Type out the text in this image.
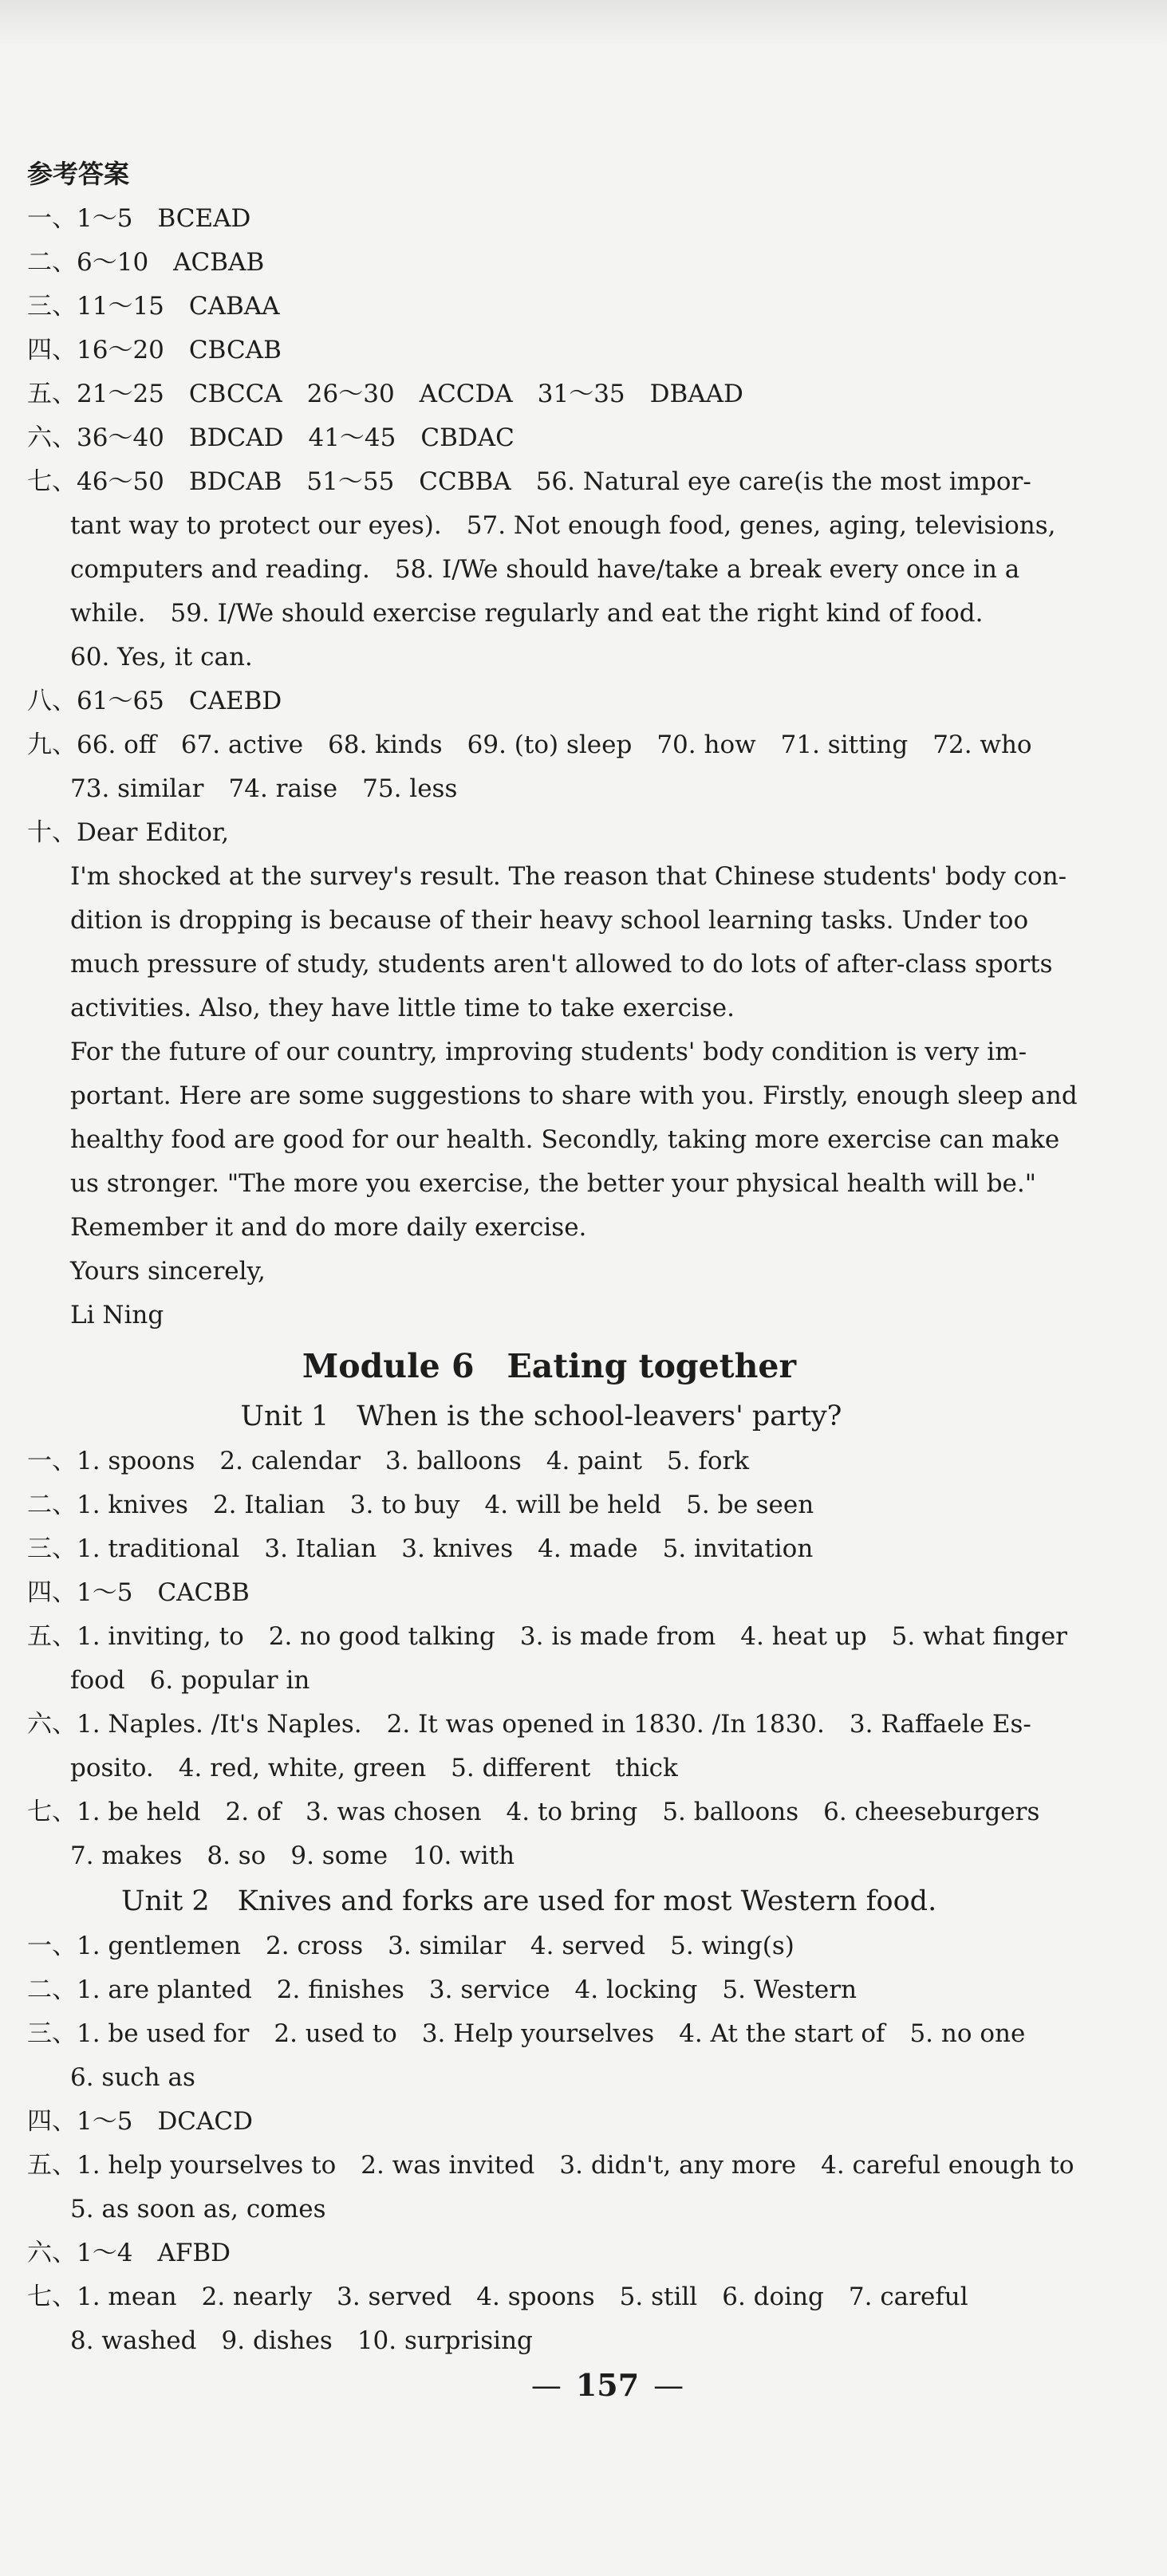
参考答案
一、1～5　BCEAD
二、6～10　ACBAB
三、11～15　CABAA
四、16～20　CBCAB
五、21～25　CBCCA　26～30　ACCDA　31～35　DBAAD
六、36～40　BDCAD　41～45　CBDAC
七、46～50　BDCAB　51～55　CCBBA　56. Natural eye care(is the most impor-
tant way to protect our eyes).　57. Not enough food, genes, aging, televisions,
computers and reading.　58. I/We should have/take a break every once in a
while.　59. I/We should exercise regularly and eat the right kind of food.
60. Yes, it can.
八、61～65　CAEBD
九、66. off　67. active　68. kinds　69. (to) sleep　70. how　71. sitting　72. who
73. similar　74. raise　75. less
十、Dear Editor,
I'm shocked at the survey's result. The reason that Chinese students' body con-
dition is dropping is because of their heavy school learning tasks. Under too
much pressure of study, students aren't allowed to do lots of after-class sports
activities. Also, they have little time to take exercise.
For the future of our country, improving students' body condition is very im-
portant. Here are some suggestions to share with you. Firstly, enough sleep and
healthy food are good for our health. Secondly, taking more exercise can make
us stronger. "The more you exercise, the better your physical health will be."
Remember it and do more daily exercise.
Yours sincerely,
Li Ning
Module 6　Eating together
Unit 1　When is the school-leavers' party?
一、1. spoons　2. calendar　3. balloons　4. paint　5. fork
二、1. knives　2. Italian　3. to buy　4. will be held　5. be seen
三、1. traditional　3. Italian　3. knives　4. made　5. invitation
四、1～5　CACBB
五、1. inviting, to　2. no good talking　3. is made from　4. heat up　5. what finger
food　6. popular in
六、1. Naples. /It's Naples.　2. It was opened in 1830. /In 1830.　3. Raffaele Es-
posito.　4. red, white, green　5. different　thick
七、1. be held　2. of　3. was chosen　4. to bring　5. balloons　6. cheeseburgers
7. makes　8. so　9. some　10. with
Unit 2　Knives and forks are used for most Western food.
一、1. gentlemen　2. cross　3. similar　4. served　5. wing(s)
二、1. are planted　2. finishes　3. service　4. locking　5. Western
三、1. be used for　2. used to　3. Help yourselves　4. At the start of　5. no one
6. such as
四、1～5　DCACD
五、1. help yourselves to　2. was invited　3. didn't, any more　4. careful enough to
5. as soon as, comes
六、1～4　AFBD
七、1. mean　2. nearly　3. served　4. spoons　5. still　6. doing　7. careful
8. washed　9. dishes　10. surprising
— 157 —
